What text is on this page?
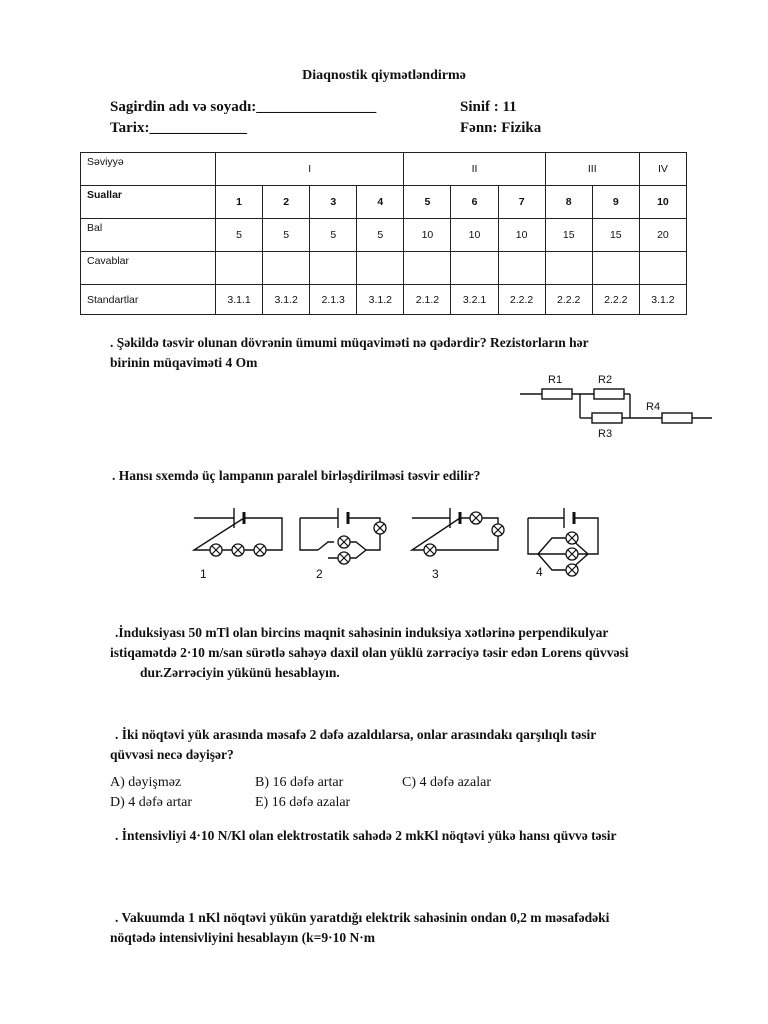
Diaqnostik qiymətləndirmə
Sagirdin adı və soyadı:________________	Sinif : 11
Tarix:_____________	Fənn: Fizika
Səviyyə	I				II			III		IV
Suallar	1	2	3	4	5	6	7	8	9	10
Bal	5	5	5	5	10	10	10	15	15	20
Cavablar										
Standartlar	3.1.1	3.1.2	2.1.3	3.1.2	2.1.2	3.2.1	2.2.2	2.2.2	2.2.2	3.1.2
. Şəkildə təsvir olunan dövrənin ümumi müqaviməti nə qədərdir? Rezistorların hər
birinin müqaviməti 4 Om
R1	R2
R4
R3
. Hansı sxemdə üç lampanın paralel birləşdirilməsi təsvir edilir?
1	2	3	4
.İnduksiyası 50 mTl olan bircins maqnit sahəsinin induksiya xətlərinə perpendikulyar
istiqamətdə 2·10 m/san sürətlə sahəyə daxil olan yüklü zərrəciyə təsir edən Lorens qüvvəsi
dur.Zərrəciyin yükünü hesablayın.
. İki nöqtəvi yük arasında məsafə 2 dəfə azaldılarsa, onlar arasındakı qarşılıqlı təsir
qüvvəsi necə dəyişər?
A) dəyişməz	B) 16 dəfə artar	C) 4 dəfə azalar
D) 4 dəfə artar	E) 16 dəfə azalar
. İntensivliyi 4·10 N/Kl olan elektrostatik sahədə 2 mkKl nöqtəvi yükə hansı qüvvə təsir
. Vakuumda 1 nKl nöqtəvi yükün yaratdığı elektrik sahəsinin ondan 0,2 m məsafədəki
nöqtədə intensivliyini hesablayın (k=9·10 N·m
